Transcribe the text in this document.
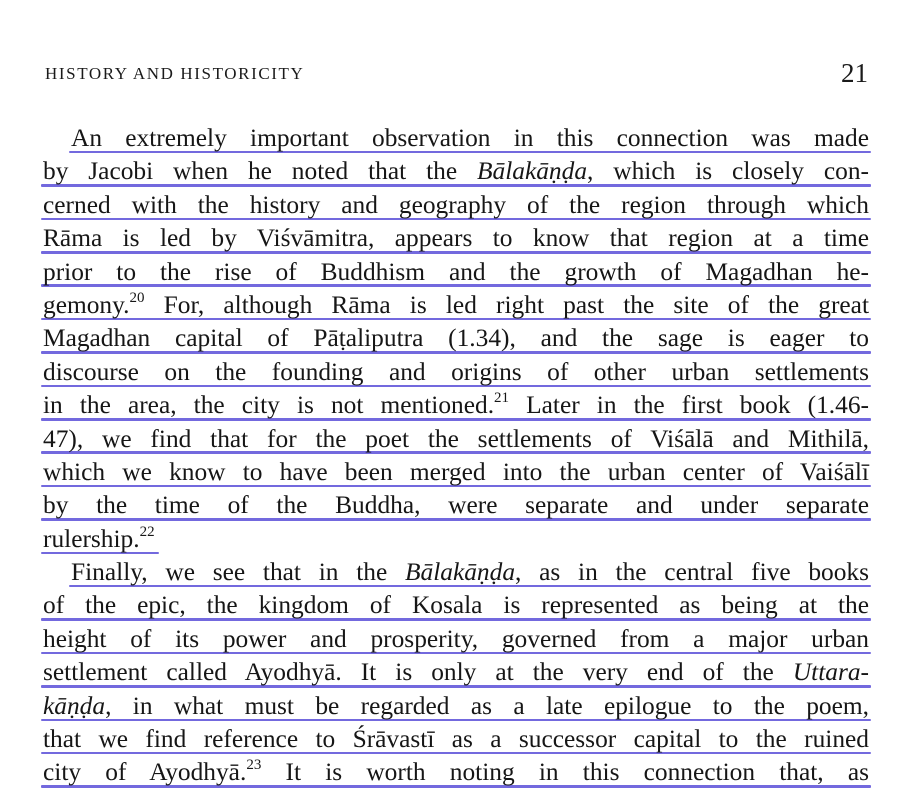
HISTORY AND HISTORICITY	21
An extremely important observation in this connection was made
by Jacobi when he noted that the Bālakāṇḍa, which is closely con-
cerned with the history and geography of the region through which
Rāma is led by Viśvāmitra, appears to know that region at a time
prior to the rise of Buddhism and the growth of Magadhan he-
gemony.$^{20}$ For, although Rāma is led right past the site of the great
Magadhan capital of Pāṭaliputra (1.34), and the sage is eager to
discourse on the founding and origins of other urban settlements
in the area, the city is not mentioned.$^{21}$ Later in the first book (1.46-
47), we find that for the poet the settlements of Viśālā and Mithilā,
which we know to have been merged into the urban center of Vaiśālī
by the time of the Buddha, were separate and under separate
rulership.$^{22}$
Finally, we see that in the Bālakāṇḍa, as in the central five books
of the epic, the kingdom of Kosala is represented as being at the
height of its power and prosperity, governed from a major urban
settlement called Ayodhyā. It is only at the very end of the Uttara-
kāṇḍa, in what must be regarded as a late epilogue to the poem,
that we find reference to Śrāvastī as a successor capital to the ruined
city of Ayodhyā.$^{23}$ It is worth noting in this connection that, as
